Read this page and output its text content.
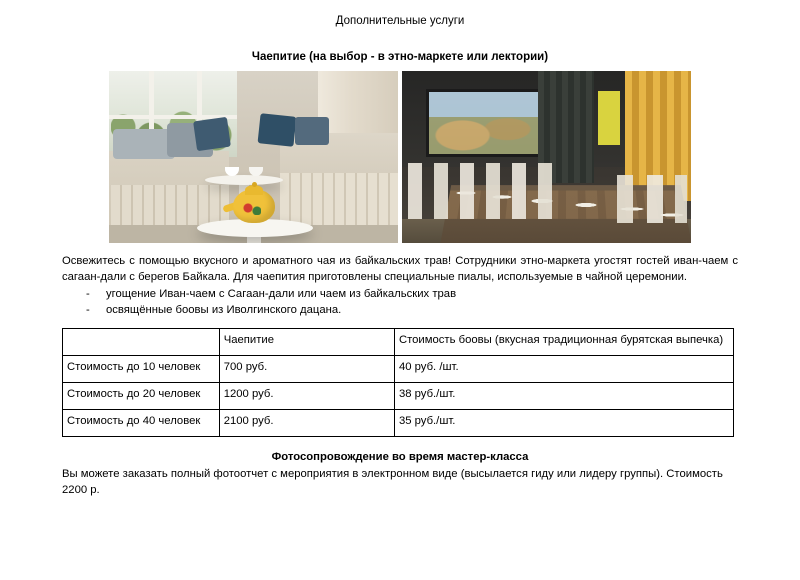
Дополнительные услуги
Чаепитие (на выбор - в этно-маркете или лектории)

Освежитесь с помощью вкусного и ароматного чая из байкальских трав! Сотрудники этно-маркета угостят гостей иван-чаем с сагаан-дали с берегов Байкала. Для чаепития приготовлены специальные пиалы, используемые в чайной церемонии.

- угощение Иван-чаем с Сагаан-дали или чаем из байкальских трав
- освящённые боовы из Иволгинского дацана.
	Чаепитие	Стоимость боовы (вкусная традиционная бурятская выпечка)
Стоимость до 10 человек	700 руб.	40 руб. /шт.
Стоимость до 20 человек	1200 руб.	38 руб./шт.
Стоимость до 40 человек	2100 руб.	35 руб./шт.
Фотосопровождение во время мастер-класса

Вы можете заказать полный фотоотчет с мероприятия в электронном виде (высылается гиду или лидеру группы). Стоимость 2200 р.
